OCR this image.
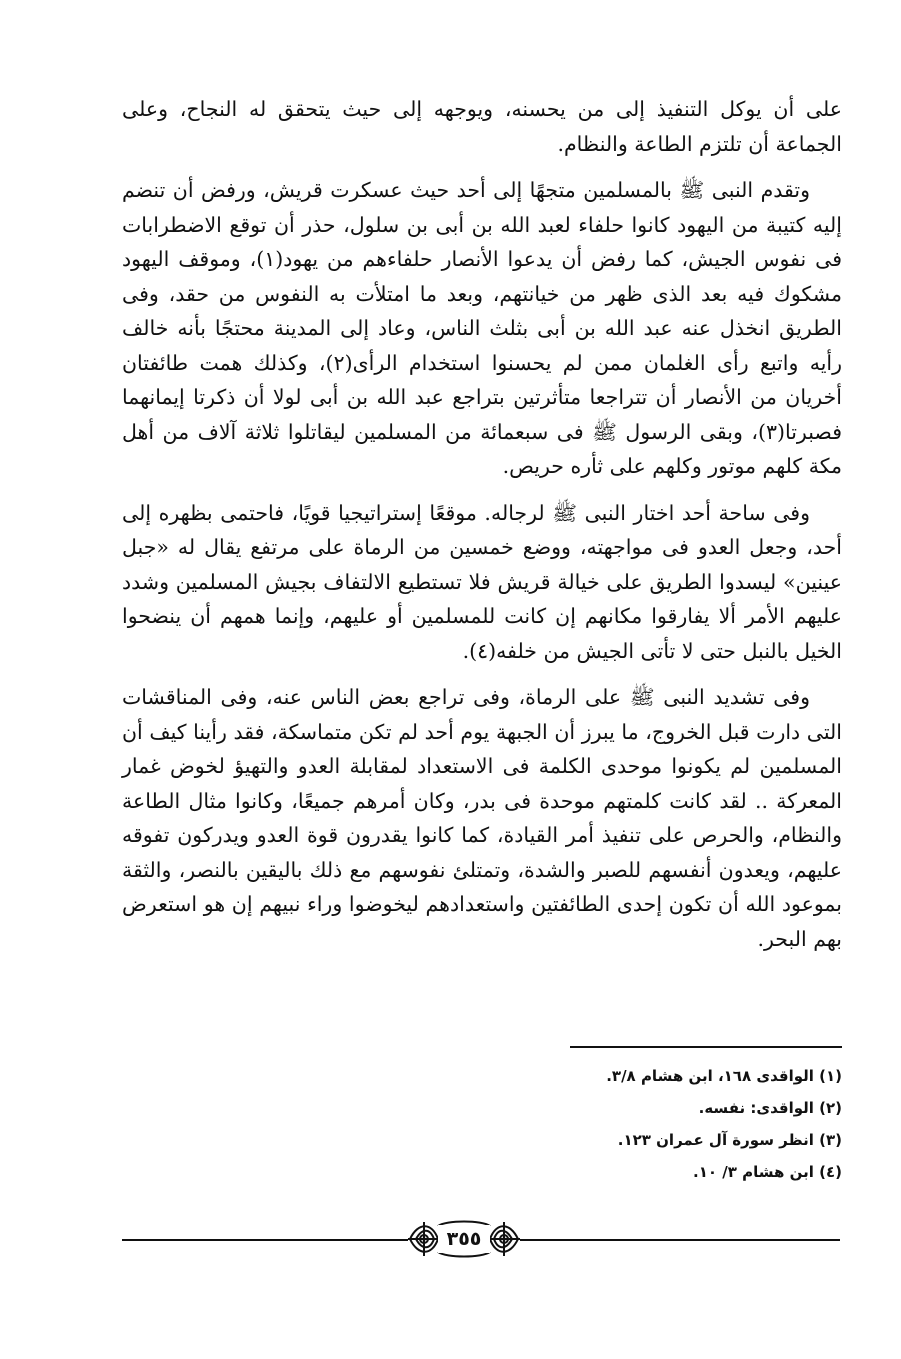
على أن يوكل التنفيذ إلى من يحسنه، ويوجهه إلى حيث يتحقق له النجاح، وعلى الجماعة أن تلتزم الطاعة والنظام.

وتقدم النبى ﷺ بالمسلمين متجهًا إلى أحد حيث عسكرت قريش، ورفض أن تنضم إليه كتيبة من اليهود كانوا حلفاء لعبد الله بن أبى بن سلول، حذر أن توقع الاضطرابات فى نفوس الجيش، كما رفض أن يدعوا الأنصار حلفاءهم من يهود(١)، وموقف اليهود مشكوك فيه بعد الذى ظهر من خيانتهم، وبعد ما امتلأت به النفوس من حقد، وفى الطريق انخذل عنه عبد الله بن أبى بثلث الناس، وعاد إلى المدينة محتجًا بأنه خالف رأيه واتبع رأى الغلمان ممن لم يحسنوا استخدام الرأى(٢)، وكذلك همت طائفتان أخريان من الأنصار أن تتراجعا متأثرتين بتراجع عبد الله بن أبى لولا أن ذكرتا إيمانهما فصبرتا(٣)، وبقى الرسول ﷺ فى سبعمائة من المسلمين ليقاتلوا ثلاثة آلاف من أهل مكة كلهم موتور وكلهم على ثأره حريص.

وفى ساحة أحد اختار النبى ﷺ لرجاله. موقعًا إستراتيجيا قويًا، فاحتمى بظهره إلى أحد، وجعل العدو فى مواجهته، ووضع خمسين من الرماة على مرتفع يقال له «جبل عينين» ليسدوا الطريق على خيالة قريش فلا تستطيع الالتفاف بجيش المسلمين وشدد عليهم الأمر ألا يفارقوا مكانهم إن كانت للمسلمين أو عليهم، وإنما همهم أن ينضحوا الخيل بالنبل حتى لا تأتى الجيش من خلفه(٤).

وفى تشديد النبى ﷺ على الرماة، وفى تراجع بعض الناس عنه، وفى المناقشات التى دارت قبل الخروج، ما يبرز أن الجبهة يوم أحد لم تكن متماسكة، فقد رأينا كيف أن المسلمين لم يكونوا موحدى الكلمة فى الاستعداد لمقابلة العدو والتهيؤ لخوض غمار المعركة .. لقد كانت كلمتهم موحدة فى بدر، وكان أمرهم جميعًا، وكانوا مثال الطاعة والنظام، والحرص على تنفيذ أمر القيادة، كما كانوا يقدرون قوة العدو ويدركون تفوقه عليهم، ويعدون أنفسهم للصبر والشدة، وتمتلئ نفوسهم مع ذلك باليقين بالنصر، والثقة بموعود الله أن تكون إحدى الطائفتين واستعدادهم ليخوضوا وراء نبيهم إن هو استعرض بهم البحر.

(١) الواقدى ١٦٨، ابن هشام ٣/٨.
(٢) الواقدى: نفسه.
(٣) انظر سورة آل عمران ١٢٣.
(٤) ابن هشام ٣/ ١٠.
٣٥٥
